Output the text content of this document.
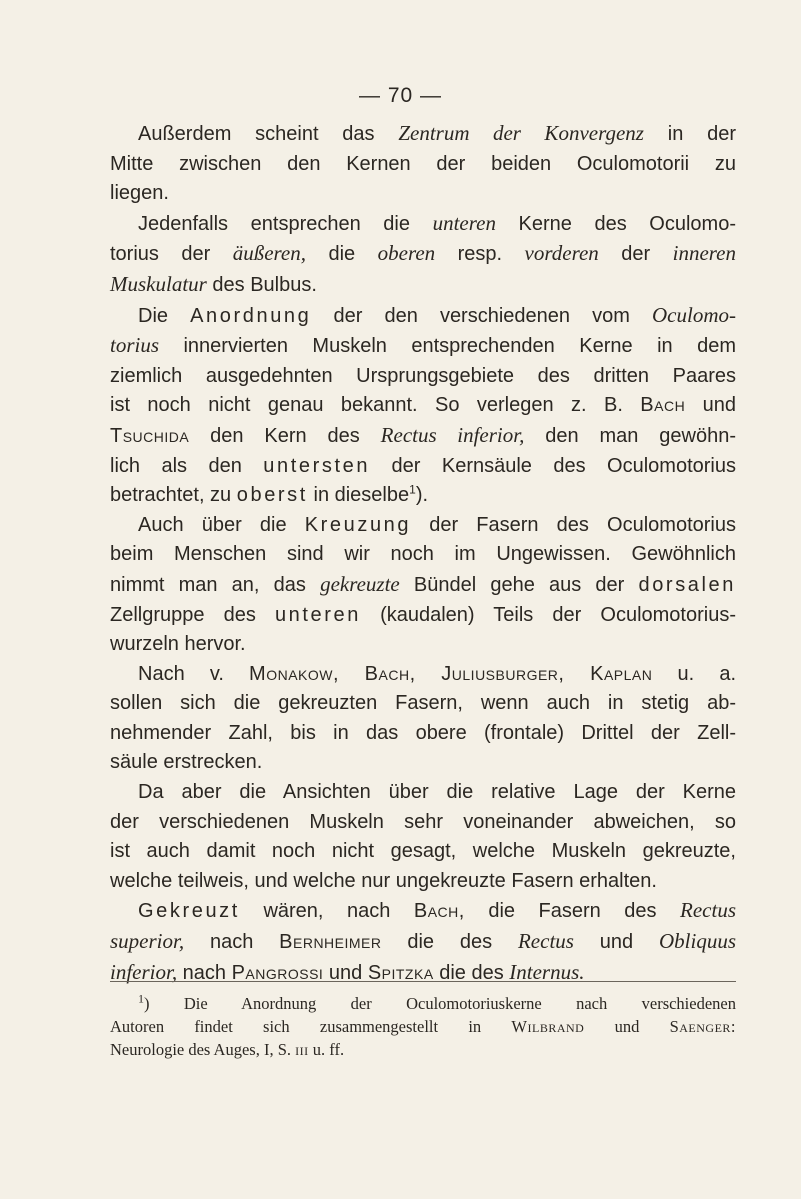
— 70 —
Außerdem scheint das Zentrum der Konvergenz in der
Mitte zwischen den Kernen der beiden Oculomotorii zu
liegen.
Jedenfalls entsprechen die unteren Kerne des Oculomo-
torius der äußeren, die oberen resp. vorderen der inneren
Muskulatur des Bulbus.
Die Anordnung der den verschiedenen vom Oculomo-
torius innervierten Muskeln entsprechenden Kerne in dem
ziemlich ausgedehnten Ursprungsgebiete des dritten Paares
ist noch nicht genau bekannt. So verlegen z. B. Bach und
Tsuchida den Kern des Rectus inferior, den man gewöhn-
lich als den untersten der Kernsäule des Oculomotorius
betrachtet, zu oberst in dieselbe$^1$).
Auch über die Kreuzung der Fasern des Oculomotorius
beim Menschen sind wir noch im Ungewissen. Gewöhnlich
nimmt man an, das gekreuzte Bündel gehe aus der dorsalen
Zellgruppe des unteren (kaudalen) Teils der Oculomotorius-
wurzeln hervor.
Nach v. Monakow, Bach, Juliusburger, Kaplan u. a.
sollen sich die gekreuzten Fasern, wenn auch in stetig ab-
nehmender Zahl, bis in das obere (frontale) Drittel der Zell-
säule erstrecken.
Da aber die Ansichten über die relative Lage der Kerne
der verschiedenen Muskeln sehr voneinander abweichen, so
ist auch damit noch nicht gesagt, welche Muskeln gekreuzte,
welche teilweis, und welche nur ungekreuzte Fasern erhalten.
Gekreuzt wären, nach Bach, die Fasern des Rectus
superior, nach Bernheimer die des Rectus und Obliquus
inferior, nach Pangrossi und Spitzka die des Internus.
$^1$) Die Anordnung der Oculomotoriuskerne nach verschiedenen
Autoren findet sich zusammengestellt in Wilbrand und Saenger:
Neurologie des Auges, I, S. iii u. ff.
